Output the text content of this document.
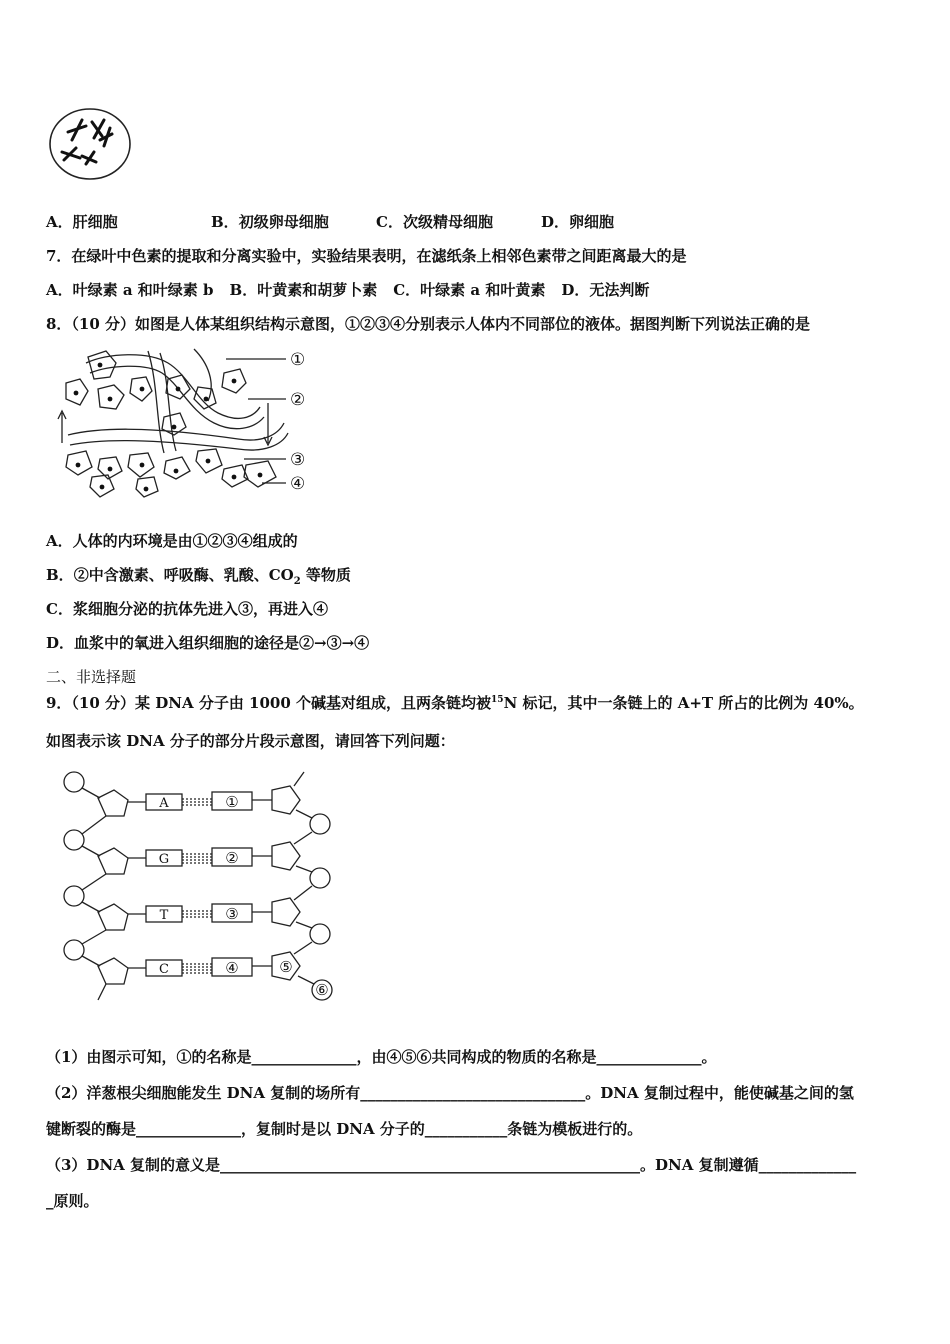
A．肝细胞	B．初级卵母细胞	C．次级精母细胞	D．卵细胞
7．在绿叶中色素的提取和分离实验中，实验结果表明，在滤纸条上相邻色素带之间距离最大的是
A．叶绿素 a 和叶绿素 b B．叶黄素和胡萝卜素 C．叶绿素 a 和叶黄素 D．无法判断
8．（10 分）如图是人体某组织结构示意图，①②③④分别表示人体内不同部位的液体。据图判断下列说法正确的是
①
②
③
④
A．人体的内环境是由①②③④组成的
B．②中含激素、呼吸酶、乳酸、$CO_2$ 等物质
C．浆细胞分泌的抗体先进入③，再进入④
D．血浆中的氧进入组织细胞的途径是②→③→④
二、非选择题
9．（10 分）某 DNA 分子由 1000 个碱基对组成，且两条链均被$^{15}$N 标记，其中一条链上的 A+T 所占的比例为 40%。
如图表示该 DNA 分子的部分片段示意图，请回答下列问题：
A
G
T
C
①
②
③
④	⑤
⑥
（1）由图示可知，①的名称是______________，由④⑤⑥共同构成的物质的名称是______________。
（2）洋葱根尖细胞能发生 DNA 复制的场所有______________________________。DNA 复制过程中，能使碱基之间的氢
键断裂的酶是______________，复制时是以 DNA 分子的___________条链为模板进行的。
（3）DNA 复制的意义是________________________________________________________。DNA 复制遵循_____________
_原则。
